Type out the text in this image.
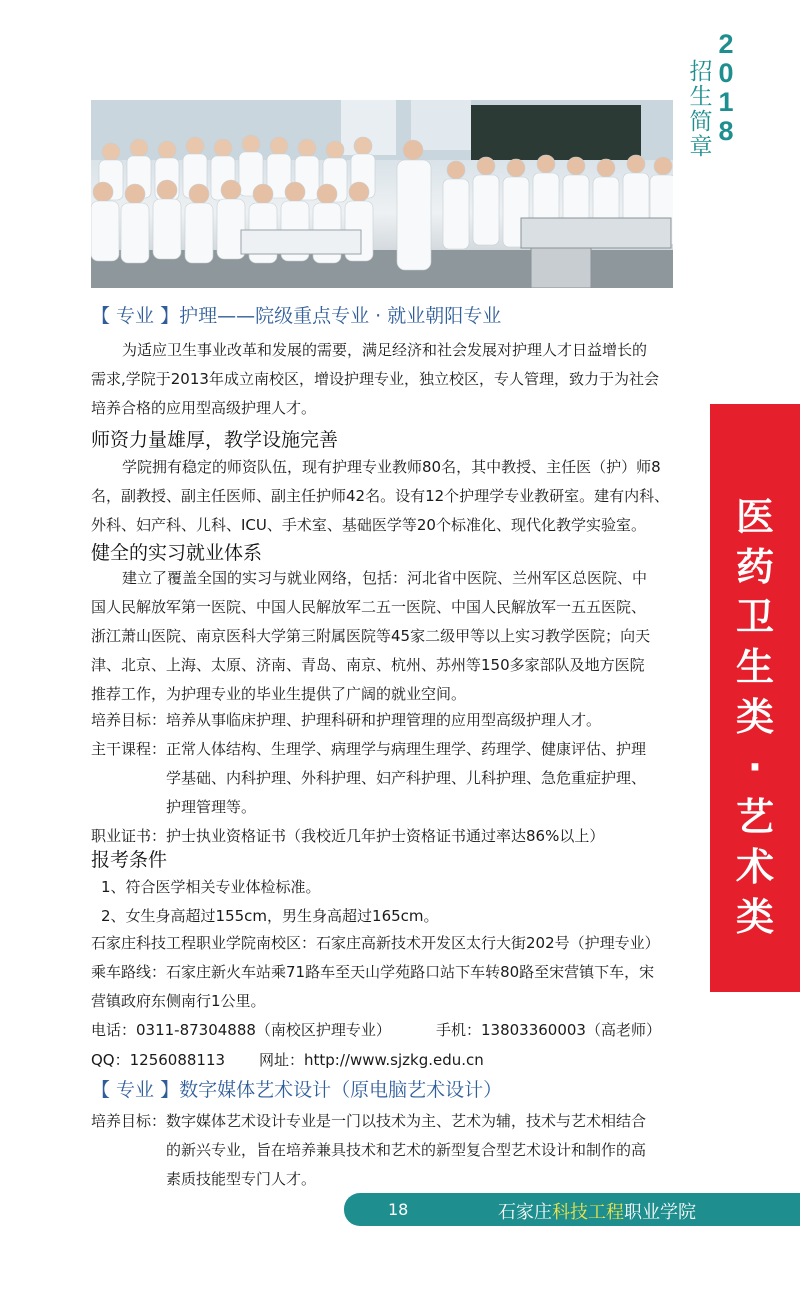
2
0
1
8
招
生
简
章
医
药
卫
生
类
·
艺
术
类
【 专业 】护理——院级重点专业 · 就业朝阳专业

为适应卫生事业改革和发展的需要，满足经济和社会发展对护理人才日益增长的

需求,学院于2013年成立南校区，增设护理专业，独立校区，专人管理，致力于为社会

培养合格的应用型高级护理人才。

师资力量雄厚，教学设施完善

学院拥有稳定的师资队伍，现有护理专业教师80名，其中教授、主任医（护）师8

名，副教授、副主任医师、副主任护师42名。设有12个护理学专业教研室。建有内科、

外科、妇产科、儿科、ICU、手术室、基础医学等20个标准化、现代化教学实验室。

健全的实习就业体系

建立了覆盖全国的实习与就业网络，包括：河北省中医院、兰州军区总医院、中

国人民解放军第一医院、中国人民解放军二五一医院、中国人民解放军一五五医院、

浙江萧山医院、南京医科大学第三附属医院等45家二级甲等以上实习教学医院；向天

津、北京、上海、太原、济南、青岛、南京、杭州、苏州等150多家部队及地方医院

推荐工作，为护理专业的毕业生提供了广阔的就业空间。

培养目标： 培养从事临床护理、护理科研和护理管理的应用型高级护理人才。
主干课程： 正常人体结构、生理学、病理学与病理生理学、药理学、健康评估、护理

学基础、内科护理、外科护理、妇产科护理、儿科护理、急危重症护理、

护理管理等。

职业证书： 护士执业资格证书（我校近几年护士资格证书通过率达86%以上）
报考条件

1、符合医学相关专业体检标准。

2、女生身高超过155cm，男生身高超过165cm。

石家庄科技工程职业学院南校区：石家庄高新技术开发区太行大街202号（护理专业）

乘车路线：石家庄新火车站乘71路车至天山学苑路口站下车转80路至宋营镇下车，宋

营镇政府东侧南行1公里。

电话：0311-87304888（南校区护理专业）	手机：13803360003（高老师）
QQ：1256088113 网址：http://www.sjzkg.edu.cn
【 专业 】数字媒体艺术设计（原电脑艺术设计）
培养目标： 数字媒体艺术设计专业是一门以技术为主、艺术为辅，技术与艺术相结合

的新兴专业，旨在培养兼具技术和艺术的新型复合型艺术设计和制作的高

素质技能型专门人才。

18	石家庄科技工程职业学院
